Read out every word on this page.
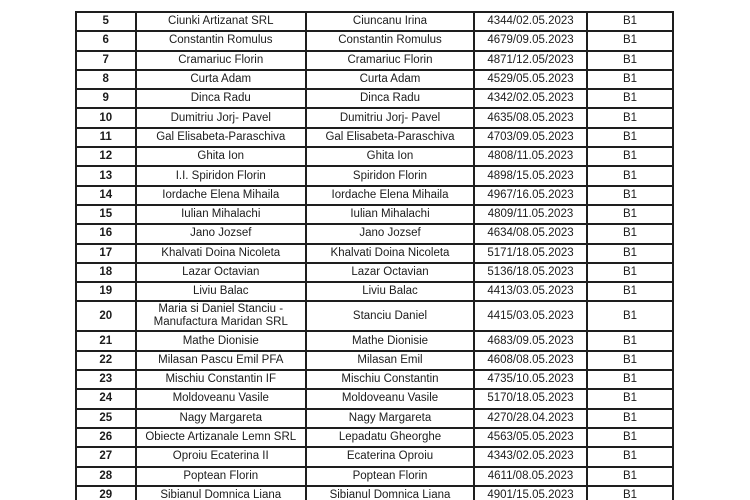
5	Ciunki Artizanat SRL	Ciuncanu Irina	4344/02.05.2023	B1
6	Constantin Romulus	Constantin Romulus	4679/09.05.2023	B1
7	Cramariuc Florin	Cramariuc Florin	4871/12.05/2023	B1
8	Curta Adam	Curta Adam	4529/05.05.2023	B1
9	Dinca Radu	Dinca Radu	4342/02.05.2023	B1
10	Dumitriu Jorj- Pavel	Dumitriu Jorj- Pavel	4635/08.05.2023	B1
11	Gal Elisabeta-Paraschiva	Gal Elisabeta-Paraschiva	4703/09.05.2023	B1
12	Ghita Ion	Ghita Ion	4808/11.05.2023	B1
13	I.I. Spiridon Florin	Spiridon Florin	4898/15.05.2023	B1
14	Iordache Elena Mihaila	Iordache Elena Mihaila	4967/16.05.2023	B1
15	Iulian Mihalachi	Iulian Mihalachi	4809/11.05.2023	B1
16	Jano Jozsef	Jano Jozsef	4634/08.05.2023	B1
17	Khalvati Doina Nicoleta	Khalvati Doina Nicoleta	5171/18.05.2023	B1
18	Lazar Octavian	Lazar Octavian	5136/18.05.2023	B1
19	Liviu Balac	Liviu Balac	4413/03.05.2023	B1
20	Maria si Daniel Stanciu - Manufactura Maridan SRL	Stanciu Daniel	4415/03.05.2023	B1
21	Mathe Dionisie	Mathe Dionisie	4683/09.05.2023	B1
22	Milasan Pascu Emil PFA	Milasan Emil	4608/08.05.2023	B1
23	Mischiu Constantin IF	Mischiu Constantin	4735/10.05.2023	B1
24	Moldoveanu Vasile	Moldoveanu Vasile	5170/18.05.2023	B1
25	Nagy Margareta	Nagy Margareta	4270/28.04.2023	B1
26	Obiecte Artizanale Lemn SRL	Lepadatu Gheorghe	4563/05.05.2023	B1
27	Oproiu Ecaterina II	Ecaterina Oproiu	4343/02.05.2023	B1
28	Poptean Florin	Poptean Florin	4611/08.05.2023	B1
29	Sibianul Domnica Liana	Sibianul Domnica Liana	4901/15.05.2023	B1
